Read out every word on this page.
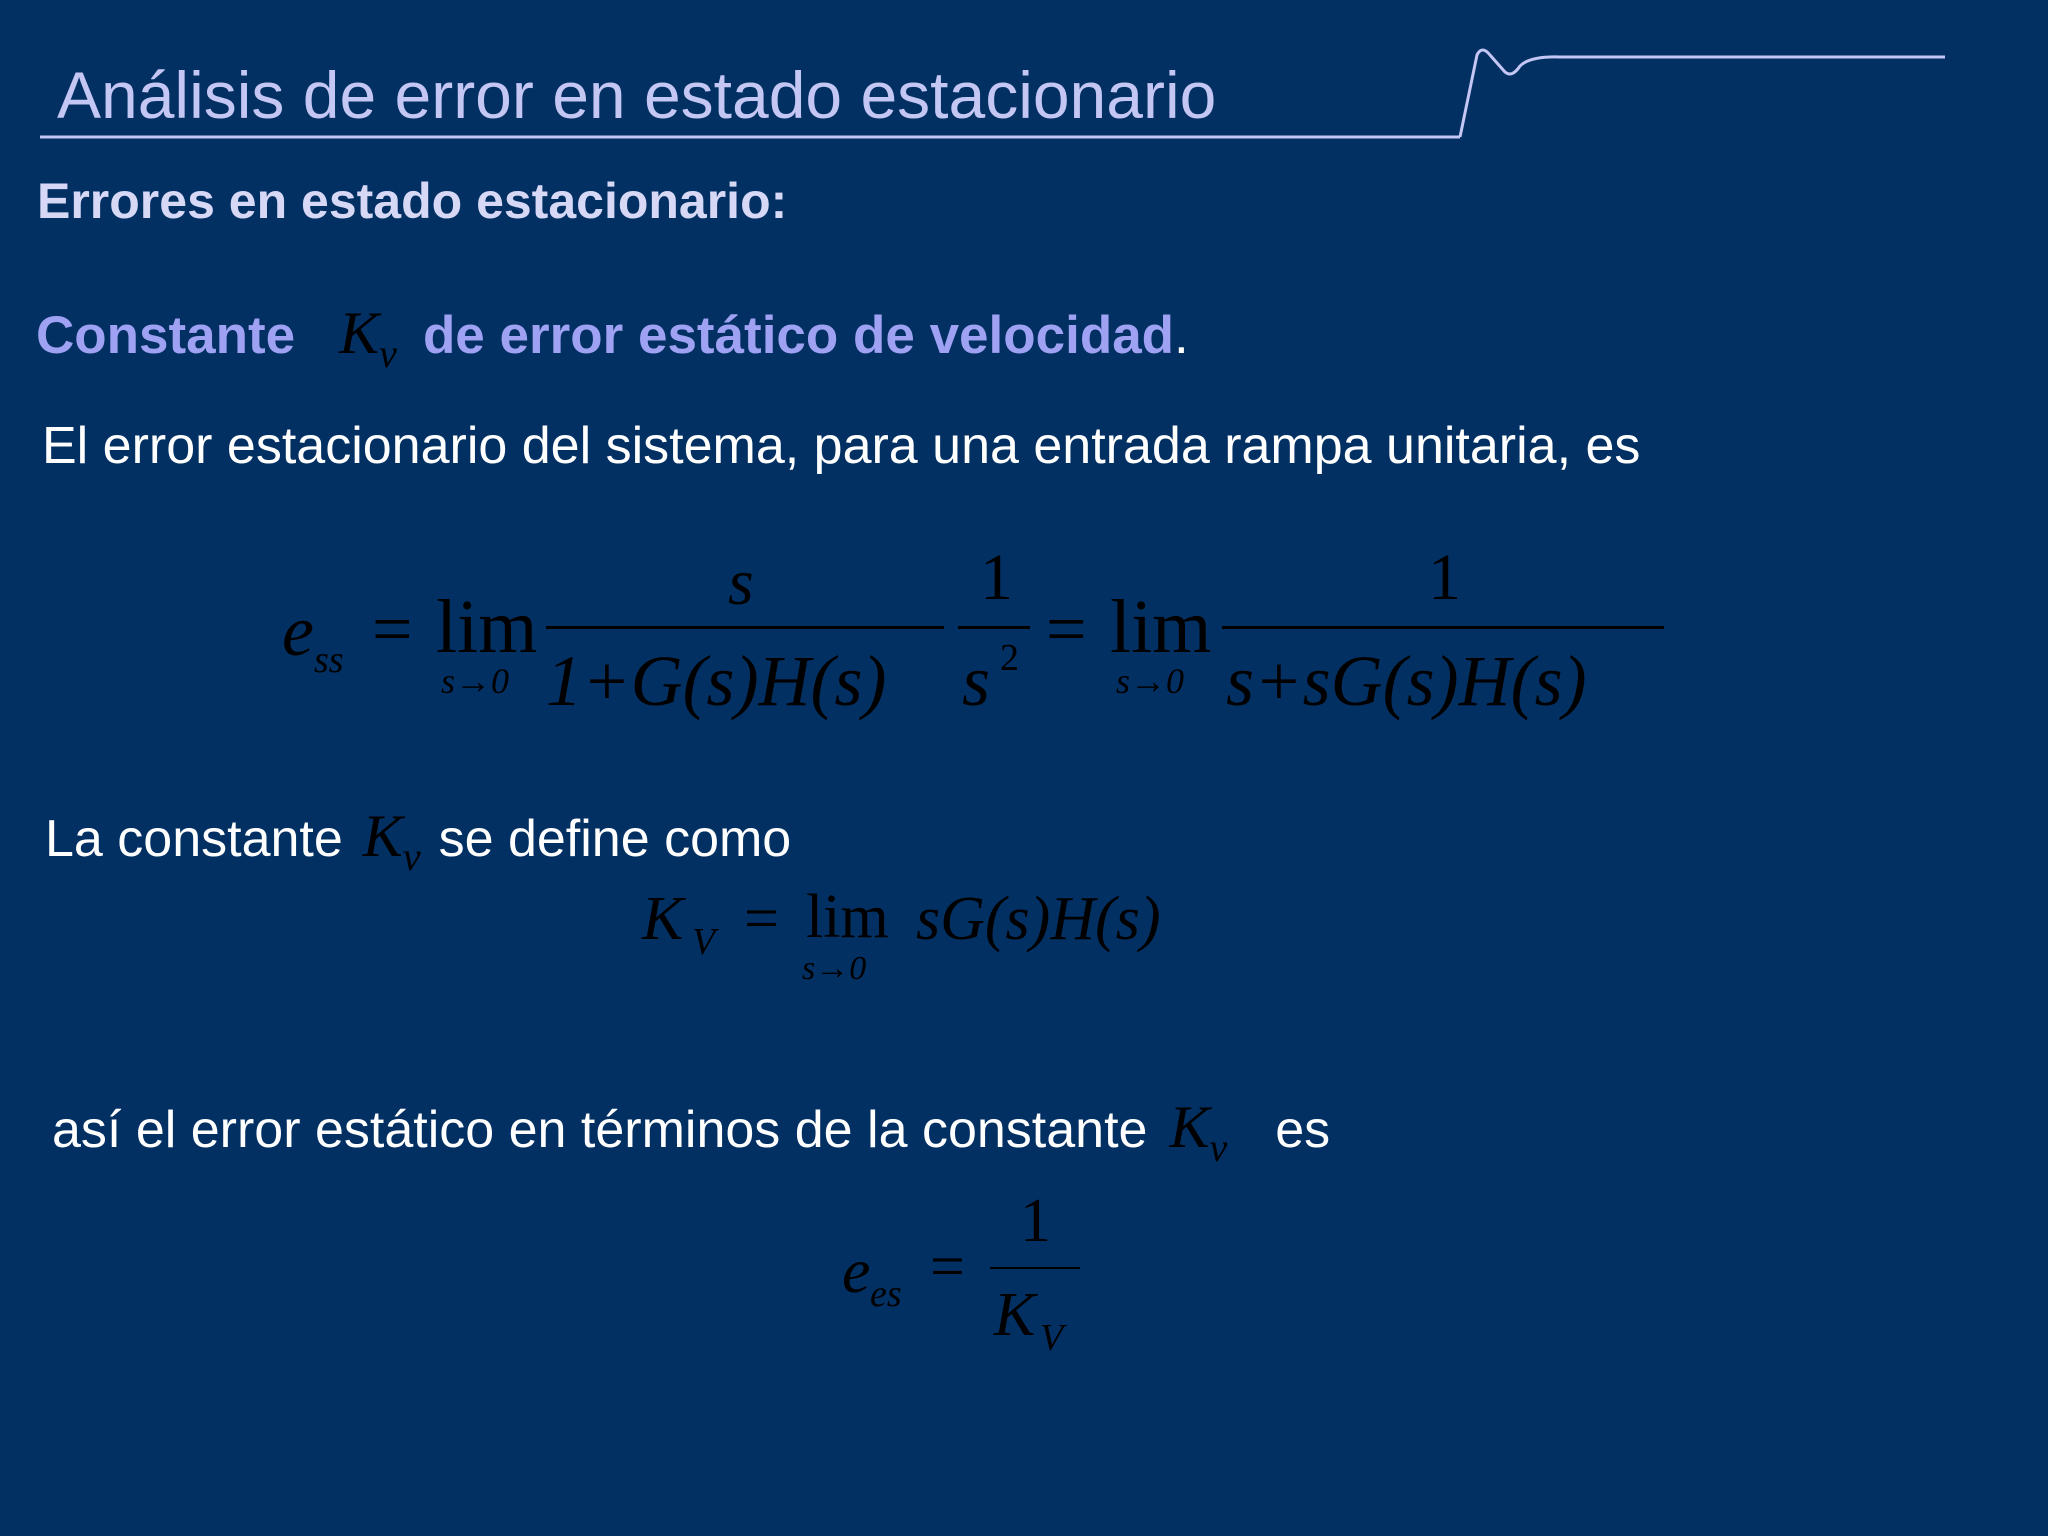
Análisis de error en estado estacionario
Errores en estado estacionario:
Constante $K_v$ de error estático de velocidad.
El error estacionario del sistema, para una entrada rampa unitaria, es
e ss = lim
s→0
s
1+G(s)H(s)
1
s 2 = lim
s→0
1
s+sG(s)H(s)
La constante $K_v$ se define como
K V = lim
s→0
sG(s)H(s)
así el error estático en términos de la constante $K_v$ es
e es =
1
K V
